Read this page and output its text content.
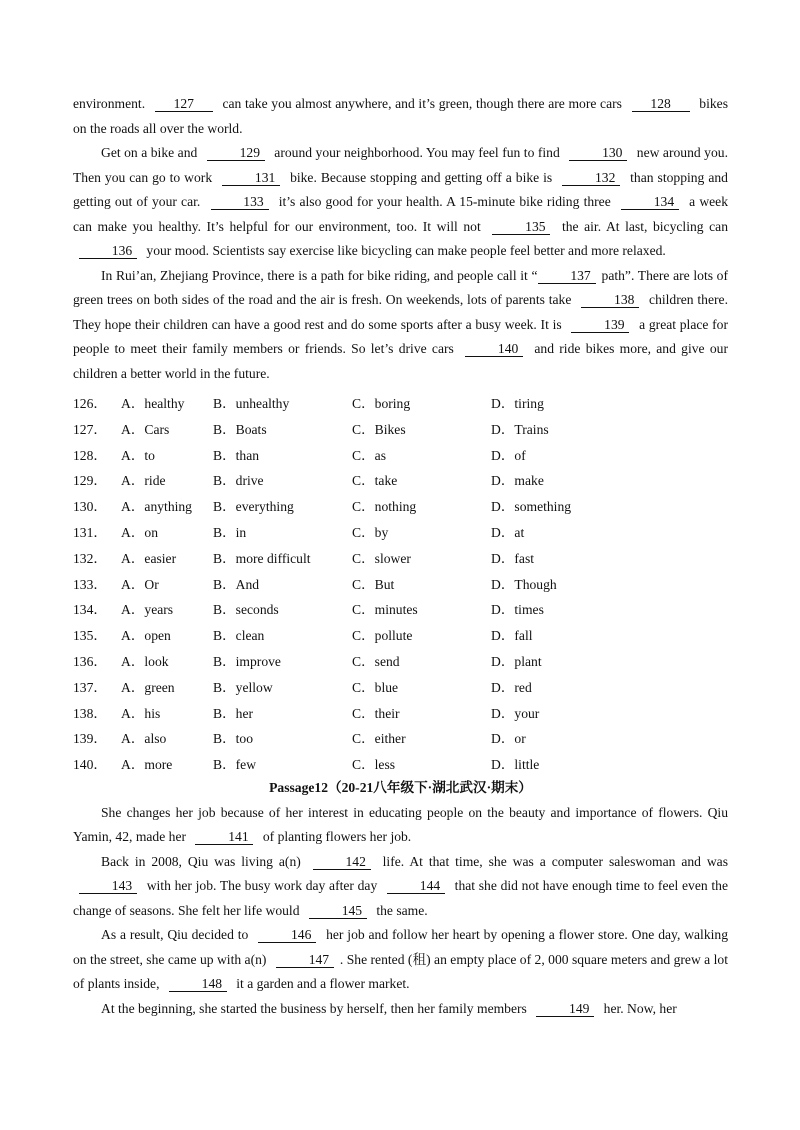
environment. 127 can take you almost anywhere, and it’s green, though there are more cars 128 bikes on the roads all over the world.

Get on a bike and	129 around your neighborhood. You may feel fun to find	130 new around you. Then you can go to work	131 bike. Because stopping and getting off a bike is	132 than stopping and getting out of your car.	133 it’s also good for your health. A 15-minute bike riding three	134 a week can make you healthy. It’s helpful for our environment, too. It will not	135 the air. At last, bicycling can 136 your mood. Scientists say exercise like bicycling can make people feel better and more relaxed.

In Rui’an, Zhejiang Province, there is a path for bike riding, and people call it “ 137 path”. There are lots of green trees on both sides of the road and the air is fresh. On weekends, lots of parents take	138 children there. They hope their children can have a good rest and do some sports after a busy week. It is	139 a great place for people to meet their family members or friends. So let’s drive cars	140 and ride bikes more, and give our children a better world in the future.

126． A．healthy B．unhealthy	C．boring	D．tiring
127． A．Cars	B．Boats	C．Bikes	D．Trains
128． A．to	B．than	C．as	D．of
129． A．ride	B．drive	C．take	D．make
130． A．anything B．everything	C．nothing	D．something
131． A．on	B．in	C．by	D．at
132． A．easier	B．more difficult	C．slower	D．fast
133． A．Or	B．And	C．But	D．Though
134． A．years	B．seconds	C．minutes	D．times
135． A．open	B．clean	C．pollute	D．fall
136． A．look	B．improve	C．send	D．plant
137． A．green	B．yellow	C．blue	D．red
138． A．his	B．her	C．their	D．your
139． A．also	B．too	C．either	D．or
140． A．more	B．few	C．less	D．little

Passage12（20-21八年级下·湖北武汉·期末）

She changes her job because of her interest in educating people on the beauty and importance of flowers. Qiu Yamin, 42, made her	141 of planting flowers her job.

Back in 2008, Qiu was living a(n)	142 life. At that time, she was a computer saleswoman and was 143 with her job. The busy work day after day	144 that she did not have enough time to feel even the change of seasons. She felt her life would	145 the same.

As a result, Qiu decided to	146 her job and follow her heart by opening a flower store. One day, walking on the street, she came up with a(n)	147 . She rented (租) an empty place of 2, 000 square meters and grew a lot of plants inside,	148 it a garden and a flower market.

At the beginning, she started the business by herself, then her family members	149 her. Now, her
